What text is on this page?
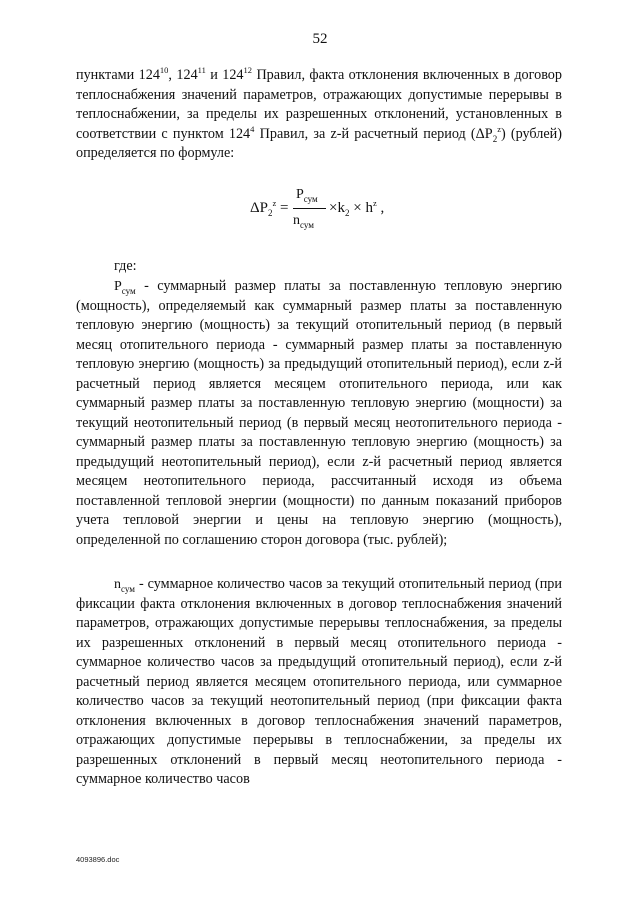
52
пунктами $124^{10}$, $124^{11}$ и $124^{12}$ Правил, факта отклонения включенных в договор теплоснабжения значений параметров, отражающих допустимые перерывы в теплоснабжении, за пределы их разрешенных отклонений, установленных в соответствии с пунктом $124^4$ Правил, за z-й расчетный период $(\Delta P_2^z)$ (рублей) определяется по формуле:
$\Delta P_2^z$ =
$P_{сум}$
$n_{сум}$
$\times k_2 \times h^z$ ,
где:
$P_{сум}$ - суммарный размер платы за поставленную тепловую энергию (мощность), определяемый как суммарный размер платы за поставленную тепловую энергию (мощность) за текущий отопительный период (в первый месяц отопительного периода - суммарный размер платы за поставленную тепловую энергию (мощность) за предыдущий отопительный период), если z-й расчетный период является месяцем отопительного периода, или как суммарный размер платы за поставленную тепловую энергию (мощности) за текущий неотопительный период (в первый месяц неотопительного периода - суммарный размер платы за поставленную тепловую энергию (мощность) за предыдущий неотопительный период), если z-й расчетный период является месяцем неотопительного периода, рассчитанный исходя из объема поставленной тепловой энергии (мощности) по данным показаний приборов учета тепловой энергии и цены на тепловую энергию (мощность), определенной по соглашению сторон договора (тыс. рублей);
$n_{сум}$ - суммарное количество часов за текущий отопительный период (при фиксации факта отклонения включенных в договор теплоснабжения значений параметров, отражающих допустимые перерывы теплоснабжения, за пределы их разрешенных отклонений в первый месяц отопительного периода - суммарное количество часов за предыдущий отопительный период), если z-й расчетный период является месяцем отопительного периода, или суммарное количество часов за текущий неотопительный период (при фиксации факта отклонения включенных в договор теплоснабжения значений параметров, отражающих допустимые перерывы в теплоснабжении, за пределы их разрешенных отклонений в первый месяц неотопительного периода - суммарное количество часов
4093896.doc
